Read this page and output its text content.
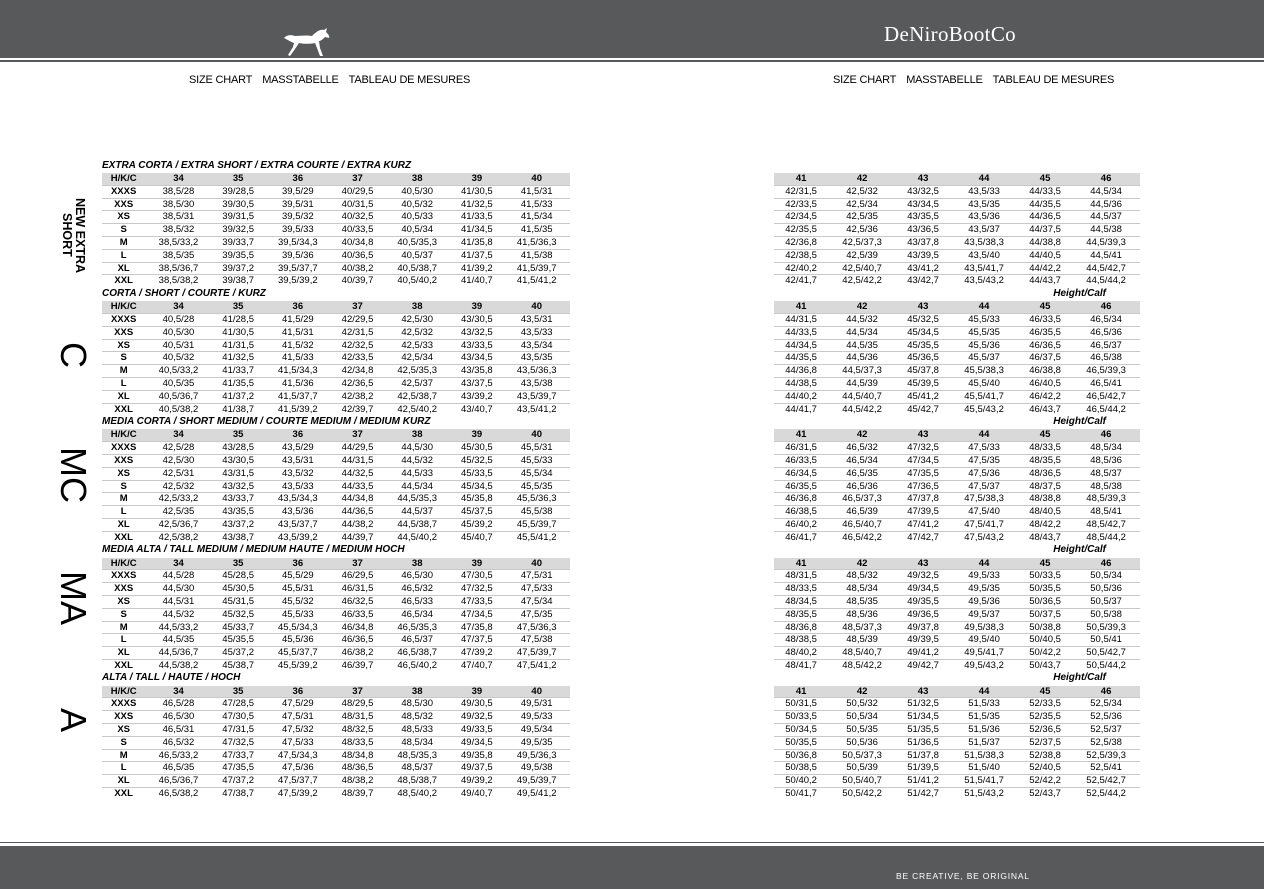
DeNiroBootCo
SIZE CHART MASSTABELLE TABLEAU DE MESURES	SIZE CHART MASSTABELLE TABLEAU DE MESURES
NEW EXTRA SHORT
C
MC
MA
A
EXTRA CORTA / EXTRA SHORT / EXTRA COURTE / EXTRA KURZ							
H/K/C	34	35	36	37	38	39	40
XXXS	38,5/28	39/28,5	39,5/29	40/29,5	40,5/30	41/30,5	41,5/31
XXS	38,5/30	39/30,5	39,5/31	40/31,5	40,5/32	41/32,5	41,5/33
XS	38,5/31	39/31,5	39,5/32	40/32,5	40,5/33	41/33,5	41,5/34
S	38,5/32	39/32,5	39,5/33	40/33,5	40,5/34	41/34,5	41,5/35
M	38,5/33,2	39/33,7	39,5/34,3	40/34,8	40,5/35,3	41/35,8	41,5/36,3
L	38,5/35	39/35,5	39,5/36	40/36,5	40,5/37	41/37,5	41,5/38
XL	38,5/36,7	39/37,2	39,5/37,7	40/38,2	40,5/38,7	41/39,2	41,5/39,7
XXL	38,5/38,2	39/38,7	39,5/39,2	40/39,7	40,5/40,2	41/40,7	41,5/41,2
CORTA / SHORT / COURTE / KURZ							
H/K/C	34	35	36	37	38	39	40
XXXS	40,5/28	41/28,5	41,5/29	42/29,5	42,5/30	43/30,5	43,5/31
XXS	40,5/30	41/30,5	41,5/31	42/31,5	42,5/32	43/32,5	43,5/33
XS	40,5/31	41/31,5	41,5/32	42/32,5	42,5/33	43/33,5	43,5/34
S	40,5/32	41/32,5	41,5/33	42/33,5	42,5/34	43/34,5	43,5/35
M	40,5/33,2	41/33,7	41,5/34,3	42/34,8	42,5/35,3	43/35,8	43,5/36,3
L	40,5/35	41/35,5	41,5/36	42/36,5	42,5/37	43/37,5	43,5/38
XL	40,5/36,7	41/37,2	41,5/37,7	42/38,2	42,5/38,7	43/39,2	43,5/39,7
XXL	40,5/38,2	41/38,7	41,5/39,2	42/39,7	42,5/40,2	43/40,7	43,5/41,2
MEDIA CORTA / SHORT MEDIUM / COURTE MEDIUM / MEDIUM KURZ							
H/K/C	34	35	36	37	38	39	40
XXXS	42,5/28	43/28,5	43,5/29	44/29,5	44,5/30	45/30,5	45,5/31
XXS	42,5/30	43/30,5	43,5/31	44/31,5	44,5/32	45/32,5	45,5/33
XS	42,5/31	43/31,5	43,5/32	44/32,5	44,5/33	45/33,5	45,5/34
S	42,5/32	43/32,5	43,5/33	44/33,5	44,5/34	45/34,5	45,5/35
M	42,5/33,2	43/33,7	43,5/34,3	44/34,8	44,5/35,3	45/35,8	45,5/36,3
L	42,5/35	43/35,5	43,5/36	44/36,5	44,5/37	45/37,5	45,5/38
XL	42,5/36,7	43/37,2	43,5/37,7	44/38,2	44,5/38,7	45/39,2	45,5/39,7
XXL	42,5/38,2	43/38,7	43,5/39,2	44/39,7	44,5/40,2	45/40,7	45,5/41,2
MEDIA ALTA / TALL MEDIUM / MEDIUM HAUTE / MEDIUM HOCH							
H/K/C	34	35	36	37	38	39	40
XXXS	44,5/28	45/28,5	45,5/29	46/29,5	46,5/30	47/30,5	47,5/31
XXS	44,5/30	45/30,5	45,5/31	46/31,5	46,5/32	47/32,5	47,5/33
XS	44,5/31	45/31,5	45,5/32	46/32,5	46,5/33	47/33,5	47,5/34
S	44,5/32	45/32,5	45,5/33	46/33,5	46,5/34	47/34,5	47,5/35
M	44,5/33,2	45/33,7	45,5/34,3	46/34,8	46,5/35,3	47/35,8	47,5/36,3
L	44,5/35	45/35,5	45,5/36	46/36,5	46,5/37	47/37,5	47,5/38
XL	44,5/36,7	45/37,2	45,5/37,7	46/38,2	46,5/38,7	47/39,2	47,5/39,7
XXL	44,5/38,2	45/38,7	45,5/39,2	46/39,7	46,5/40,2	47/40,7	47,5/41,2
ALTA / TALL / HAUTE / HOCH							
H/K/C	34	35	36	37	38	39	40
XXXS	46,5/28	47/28,5	47,5/29	48/29,5	48,5/30	49/30,5	49,5/31
XXS	46,5/30	47/30,5	47,5/31	48/31,5	48,5/32	49/32,5	49,5/33
XS	46,5/31	47/31,5	47,5/32	48/32,5	48,5/33	49/33,5	49,5/34
S	46,5/32	47/32,5	47,5/33	48/33,5	48,5/34	49/34,5	49,5/35
M	46,5/33,2	47/33,7	47,5/34,3	48/34,8	48,5/35,3	49/35,8	49,5/36,3
L	46,5/35	47/35,5	47,5/36	48/36,5	48,5/37	49/37,5	49,5/38
XL	46,5/36,7	47/37,2	47,5/37,7	48/38,2	48,5/38,7	49/39,2	49,5/39,7
XXL	46,5/38,2	47/38,7	47,5/39,2	48/39,7	48,5/40,2	49/40,7	49,5/41,2

41	42	43	44	45	46
42/31,5	42,5/32	43/32,5	43,5/33	44/33,5	44,5/34
42/33,5	42,5/34	43/34,5	43,5/35	44/35,5	44,5/36
42/34,5	42,5/35	43/35,5	43,5/36	44/36,5	44,5/37
42/35,5	42,5/36	43/36,5	43,5/37	44/37,5	44,5/38
42/36,8	42,5/37,3	43/37,8	43,5/38,3	44/38,8	44,5/39,3
42/38,5	42,5/39	43/39,5	43,5/40	44/40,5	44,5/41
42/40,2	42,5/40,7	43/41,2	43,5/41,7	44/42,2	44,5/42,7
42/41,7	42,5/42,2	43/42,7	43,5/43,2	44/43,7	44,5/44,2
Height/Calf					
41	42	43	44	45	46
44/31,5	44,5/32	45/32,5	45,5/33	46/33,5	46,5/34
44/33,5	44,5/34	45/34,5	45,5/35	46/35,5	46,5/36
44/34,5	44,5/35	45/35,5	45,5/36	46/36,5	46,5/37
44/35,5	44,5/36	45/36,5	45,5/37	46/37,5	46,5/38
44/36,8	44,5/37,3	45/37,8	45,5/38,3	46/38,8	46,5/39,3
44/38,5	44,5/39	45/39,5	45,5/40	46/40,5	46,5/41
44/40,2	44,5/40,7	45/41,2	45,5/41,7	46/42,2	46,5/42,7
44/41,7	44,5/42,2	45/42,7	45,5/43,2	46/43,7	46,5/44,2
Height/Calf					
41	42	43	44	45	46
46/31,5	46,5/32	47/32,5	47,5/33	48/33,5	48,5/34
46/33,5	46,5/34	47/34,5	47,5/35	48/35,5	48,5/36
46/34,5	46,5/35	47/35,5	47,5/36	48/36,5	48,5/37
46/35,5	46,5/36	47/36,5	47,5/37	48/37,5	48,5/38
46/36,8	46,5/37,3	47/37,8	47,5/38,3	48/38,8	48,5/39,3
46/38,5	46,5/39	47/39,5	47,5/40	48/40,5	48,5/41
46/40,2	46,5/40,7	47/41,2	47,5/41,7	48/42,2	48,5/42,7
46/41,7	46,5/42,2	47/42,7	47,5/43,2	48/43,7	48,5/44,2
Height/Calf					
41	42	43	44	45	46
48/31,5	48,5/32	49/32,5	49,5/33	50/33,5	50,5/34
48/33,5	48,5/34	49/34,5	49,5/35	50/35,5	50,5/36
48/34,5	48,5/35	49/35,5	49,5/36	50/36,5	50,5/37
48/35,5	48,5/36	49/36,5	49,5/37	50/37,5	50,5/38
48/36,8	48,5/37,3	49/37,8	49,5/38,3	50/38,8	50,5/39,3
48/38,5	48,5/39	49/39,5	49,5/40	50/40,5	50,5/41
48/40,2	48,5/40,7	49/41,2	49,5/41,7	50/42,2	50,5/42,7
48/41,7	48,5/42,2	49/42,7	49,5/43,2	50/43,7	50,5/44,2
Height/Calf					
41	42	43	44	45	46
50/31,5	50,5/32	51/32,5	51,5/33	52/33,5	52,5/34
50/33,5	50,5/34	51/34,5	51,5/35	52/35,5	52,5/36
50/34,5	50,5/35	51/35,5	51,5/36	52/​36,5	52,5/37
50/35,5	50,5/36	51/36,5	51,5/37	52/37,5	52,5/38
50/36,8	50,5/37,3	51/37,8	51,5/38,3	52/38,8	52,5/39,3
50/38,5	50,5/39	51/39,5	51,5/40	52/40,5	52,5/41
50/40,2	50,5/40,7	51/41,2	51,5/41,7	52/42,2	52,5/42,7
50/41,7	50,5/42,2	51/42,7	51,5/43,2	52/43,7	52,5/44,2
BE CREATIVE, BE ORIGINAL
